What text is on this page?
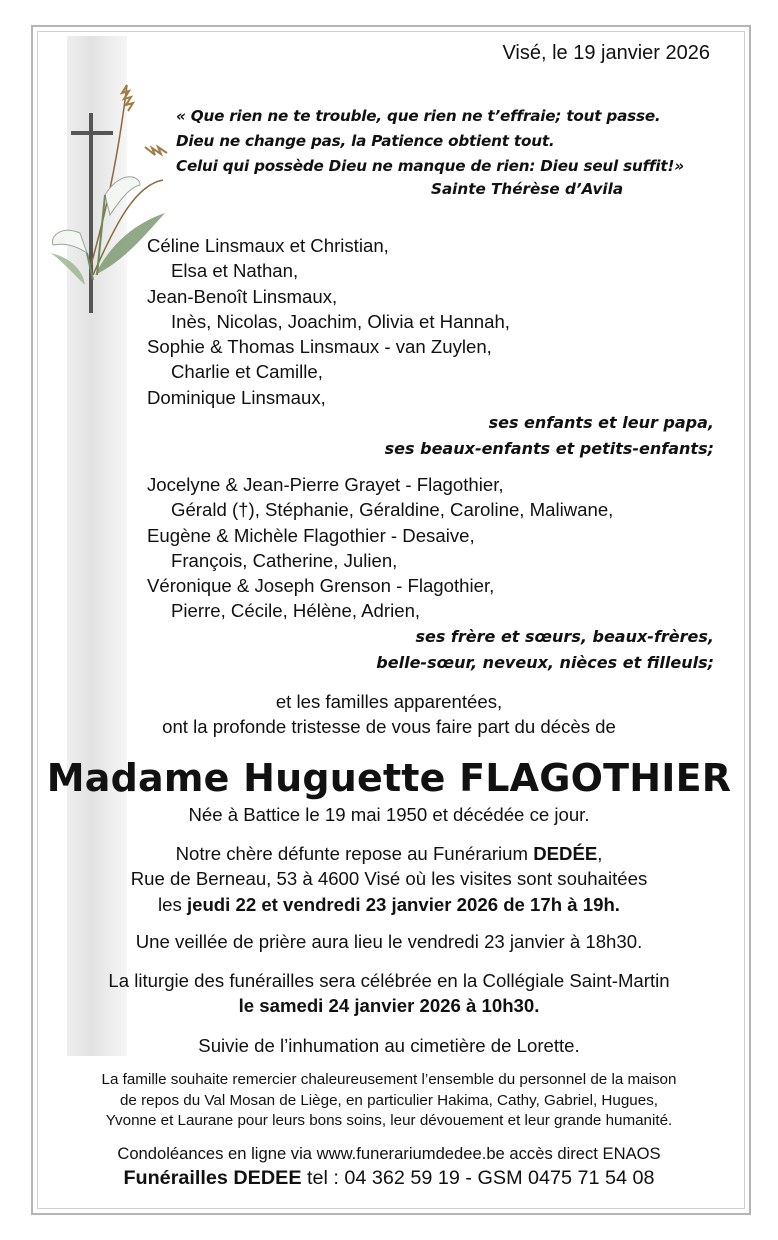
Visé, le 19 janvier 2026
« Que rien ne te trouble, que rien ne t’effraie; tout passe.
Dieu ne change pas, la Patience obtient tout.
Celui qui possède Dieu ne manque de rien: Dieu seul suffit!»
Sainte Thérèse d’Avila
Céline Linsmaux et Christian,
Elsa et Nathan,
Jean-Benoît Linsmaux,
Inès, Nicolas, Joachim, Olivia et Hannah,
Sophie & Thomas Linsmaux - van Zuylen,
Charlie et Camille,
Dominique Linsmaux,
ses enfants et leur papa,
ses beaux-enfants et petits-enfants;
Jocelyne & Jean-Pierre Grayet - Flagothier,
Gérald (†), Stéphanie, Géraldine, Caroline, Maliwane,
Eugène & Michèle Flagothier - Desaive,
François, Catherine, Julien,
Véronique & Joseph Grenson - Flagothier,
Pierre, Cécile, Hélène, Adrien,
ses frère et sœurs, beaux-frères,
belle-sœur, neveux, nièces et filleuls;
et les familles apparentées,
ont la profonde tristesse de vous faire part du décès de
Madame Huguette FLAGOTHIER
Née à Battice le 19 mai 1950 et décédée ce jour.
Notre chère défunte repose au Funérarium DEDÉE,
Rue de Berneau, 53 à 4600 Visé où les visites sont souhaitées
les jeudi 22 et vendredi 23 janvier 2026 de 17h à 19h.
Une veillée de prière aura lieu le vendredi 23 janvier à 18h30.
La liturgie des funérailles sera célébrée en la Collégiale Saint-Martin
le samedi 24 janvier 2026 à 10h30.
Suivie de l’inhumation au cimetière de Lorette.
La famille souhaite remercier chaleureusement l’ensemble du personnel de la maison
de repos du Val Mosan de Liège, en particulier Hakima, Cathy, Gabriel, Hugues,
Yvonne et Laurane pour leurs bons soins, leur dévouement et leur grande humanité.
Condoléances en ligne via www.funerariumdedee.be accès direct ENAOS
Funérailles DEDEE tel : 04 362 59 19 - GSM 0475 71 54 08
